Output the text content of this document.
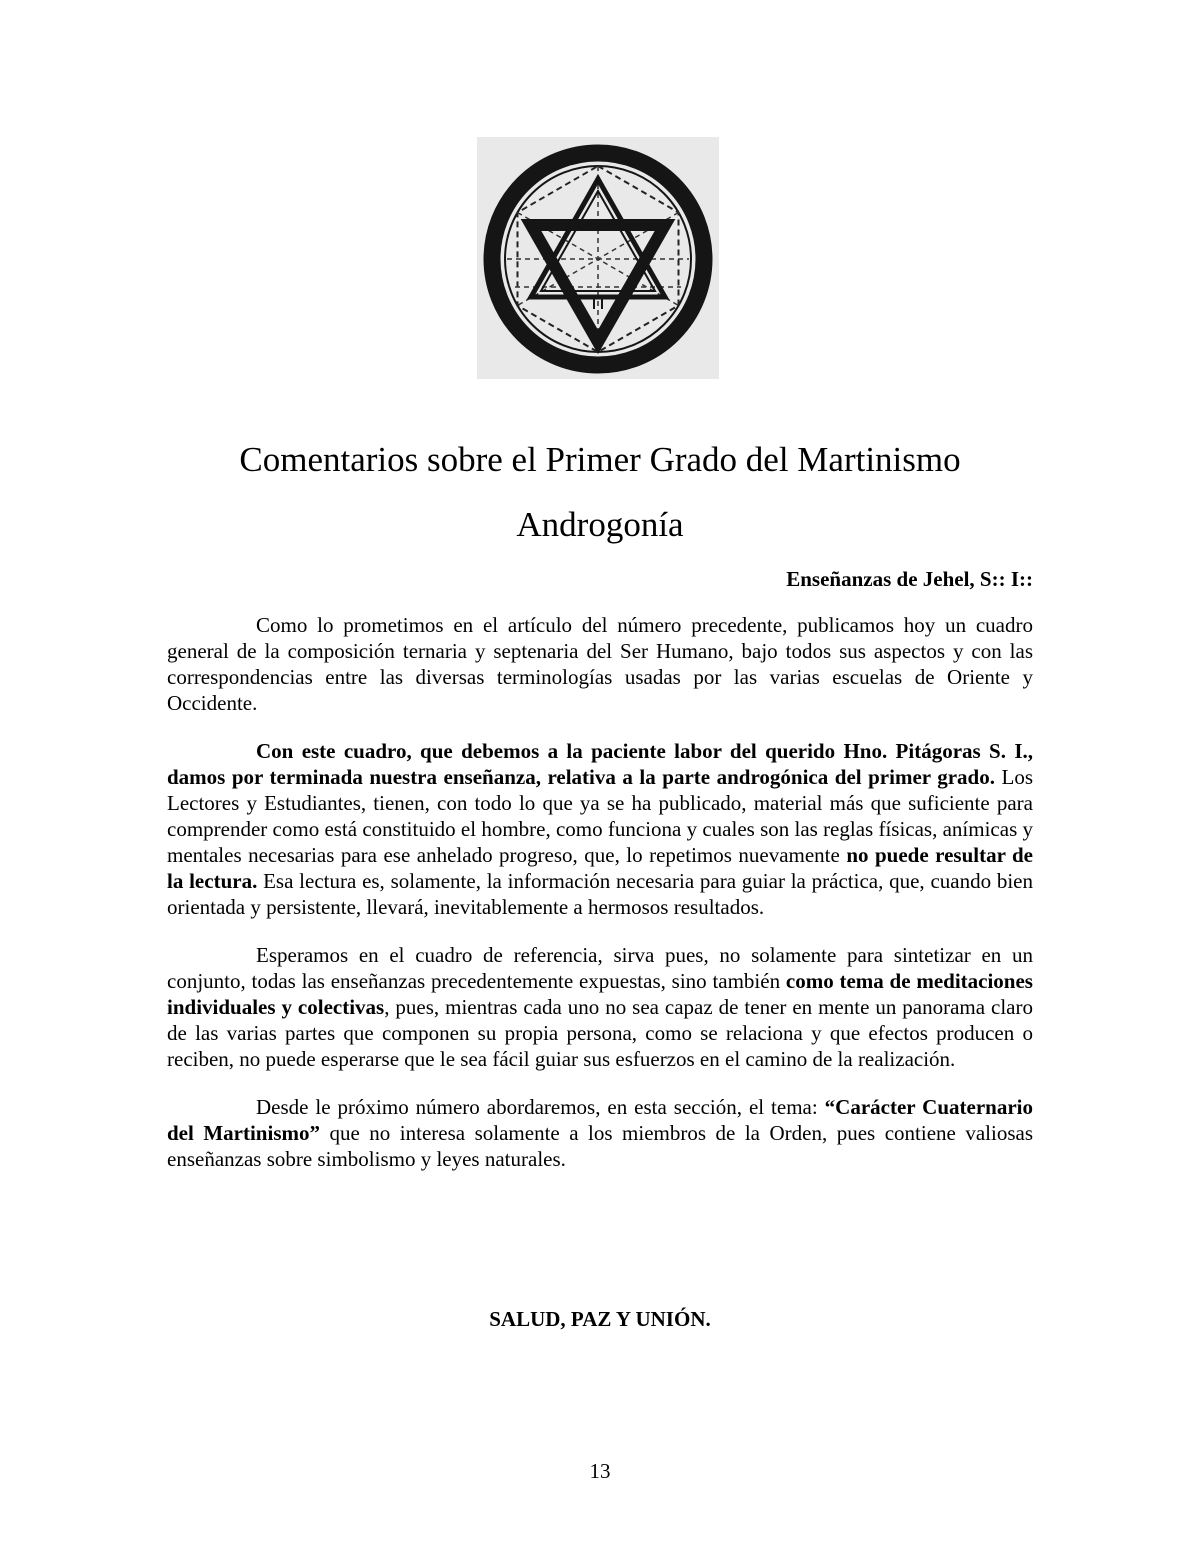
Comentarios sobre el Primer Grado del Martinismo
Androgonía

Enseñanzas de Jehel, S:: I::

Como lo prometimos en el artículo del número precedente, publicamos hoy un cuadro general de la composición ternaria y septenaria del Ser Humano, bajo todos sus aspectos y con las correspondencias entre las diversas terminologías usadas por las varias escuelas de Oriente y Occidente.

Con este cuadro, que debemos a la paciente labor del querido Hno. Pitágoras S. I., damos por terminada nuestra enseñanza, relativa a la parte androgónica del primer grado. Los Lectores y Estudiantes, tienen, con todo lo que ya se ha publicado, material más que suficiente para comprender como está constituido el hombre, como funciona y cuales son las reglas físicas, anímicas y mentales necesarias para ese anhelado progreso, que, lo repetimos nuevamente no puede resultar de la lectura. Esa lectura es, solamente, la información necesaria para guiar la práctica, que, cuando bien orientada y persistente, llevará, inevitablemente a hermosos resultados.

Esperamos en el cuadro de referencia, sirva pues, no solamente para sintetizar en un conjunto, todas las enseñanzas precedentemente expuestas, sino también como tema de meditaciones individuales y colectivas, pues, mientras cada uno no sea capaz de tener en mente un panorama claro de las varias partes que componen su propia persona, como se relaciona y que efectos producen o reciben, no puede esperarse que le sea fácil guiar sus esfuerzos en el camino de la realización.

Desde le próximo número abordaremos, en esta sección, el tema: “Carácter Cuaternario del Martinismo” que no interesa solamente a los miembros de la Orden, pues contiene valiosas enseñanzas sobre simbolismo y leyes naturales.

SALUD, PAZ Y UNIÓN.

13
